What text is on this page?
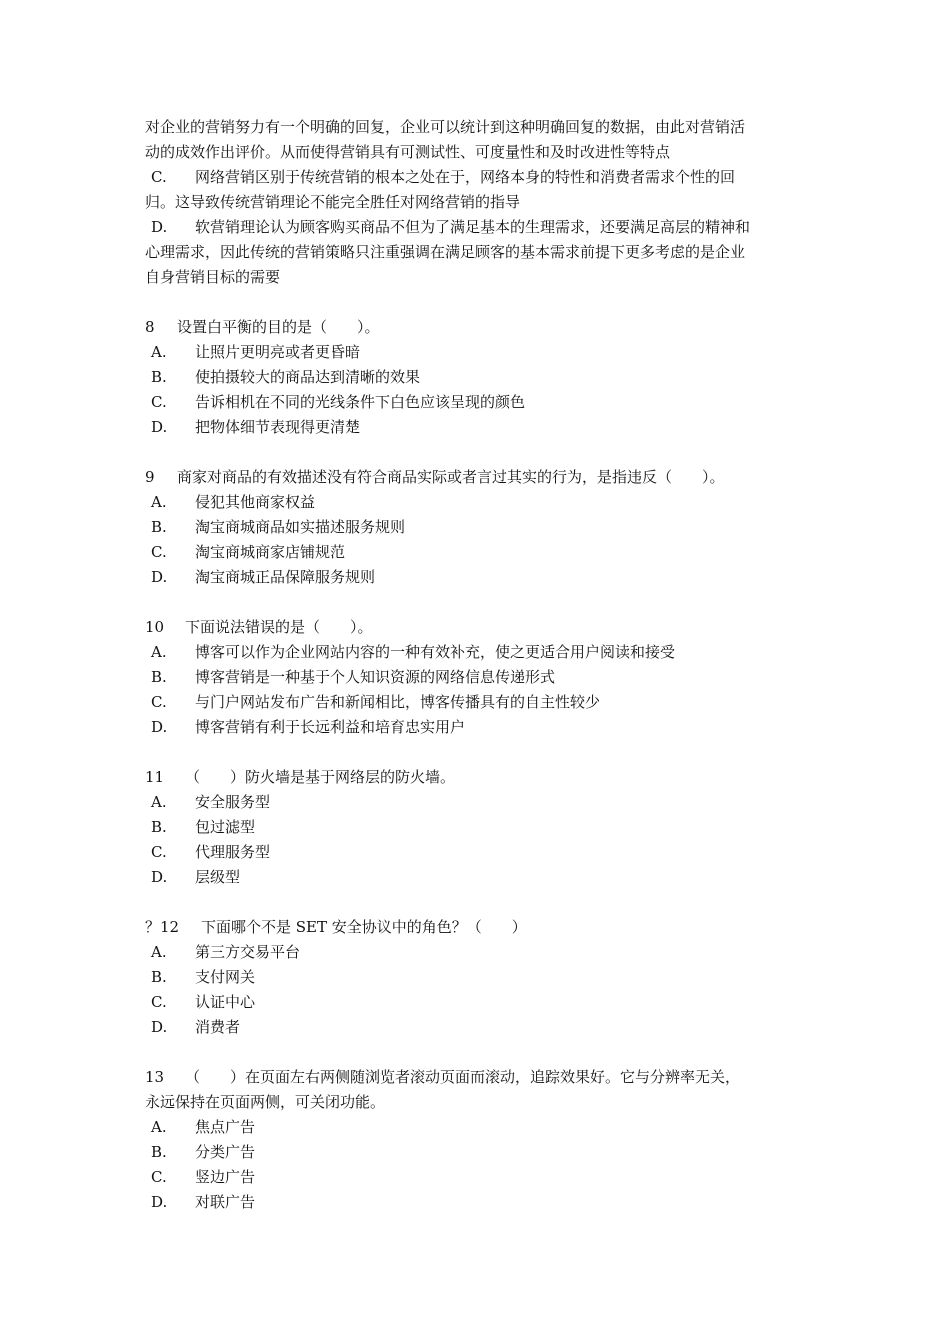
对企业的营销努力有一个明确的回复，企业可以统计到这种明确回复的数据，由此对营销活

动的成效作出评价。从而使得营销具有可测试性、可度量性和及时改进性等特点

C.	网络营销区别于传统营销的根本之处在于，网络本身的特性和消费者需求个性的回

归。这导致传统营销理论不能完全胜任对网络营销的指导

D.	软营销理论认为顾客购买商品不但为了满足基本的生理需求，还要满足高层的精神和

心理需求，因此传统的营销策略只注重强调在满足顾客的基本需求前提下更多考虑的是企业

自身营销目标的需要

8 设置白平衡的目的是（　　）。

A.	让照片更明亮或者更昏暗
B.	使拍摄较大的商品达到清晰的效果
C.	告诉相机在不同的光线条件下白色应该呈现的颜色
D.	把物体细节表现得更清楚

9 商家对商品的有效描述没有符合商品实际或者言过其实的行为，是指违反（　　）。

A.	侵犯其他商家权益
B.	淘宝商城商品如实描述服务规则
C.	淘宝商城商家店铺规范
D.	淘宝商城正品保障服务规则

10 下面说法错误的是（　　）。

A.	博客可以作为企业网站内容的一种有效补充，使之更适合用户阅读和接受
B.	博客营销是一种基于个人知识资源的网络信息传递形式
C.	与门户网站发布广告和新闻相比，博客传播具有的自主性较少
D.	博客营销有利于长远利益和培育忠实用户

11 （　　）防火墙是基于网络层的防火墙。

A.	安全服务型
B.	包过滤型
C.	代理服务型
D.	层级型

？12 下面哪个不是 SET 安全协议中的角色？（　　）

A.	第三方交易平台
B.	支付网关
C.	认证中心
D.	消费者

13 （　　）在页面左右两侧随浏览者滚动页面而滚动，追踪效果好。它与分辨率无关，

永远保持在页面两侧，可关闭功能。

A.	焦点广告
B.	分类广告
C.	竖边广告
D.	对联广告
